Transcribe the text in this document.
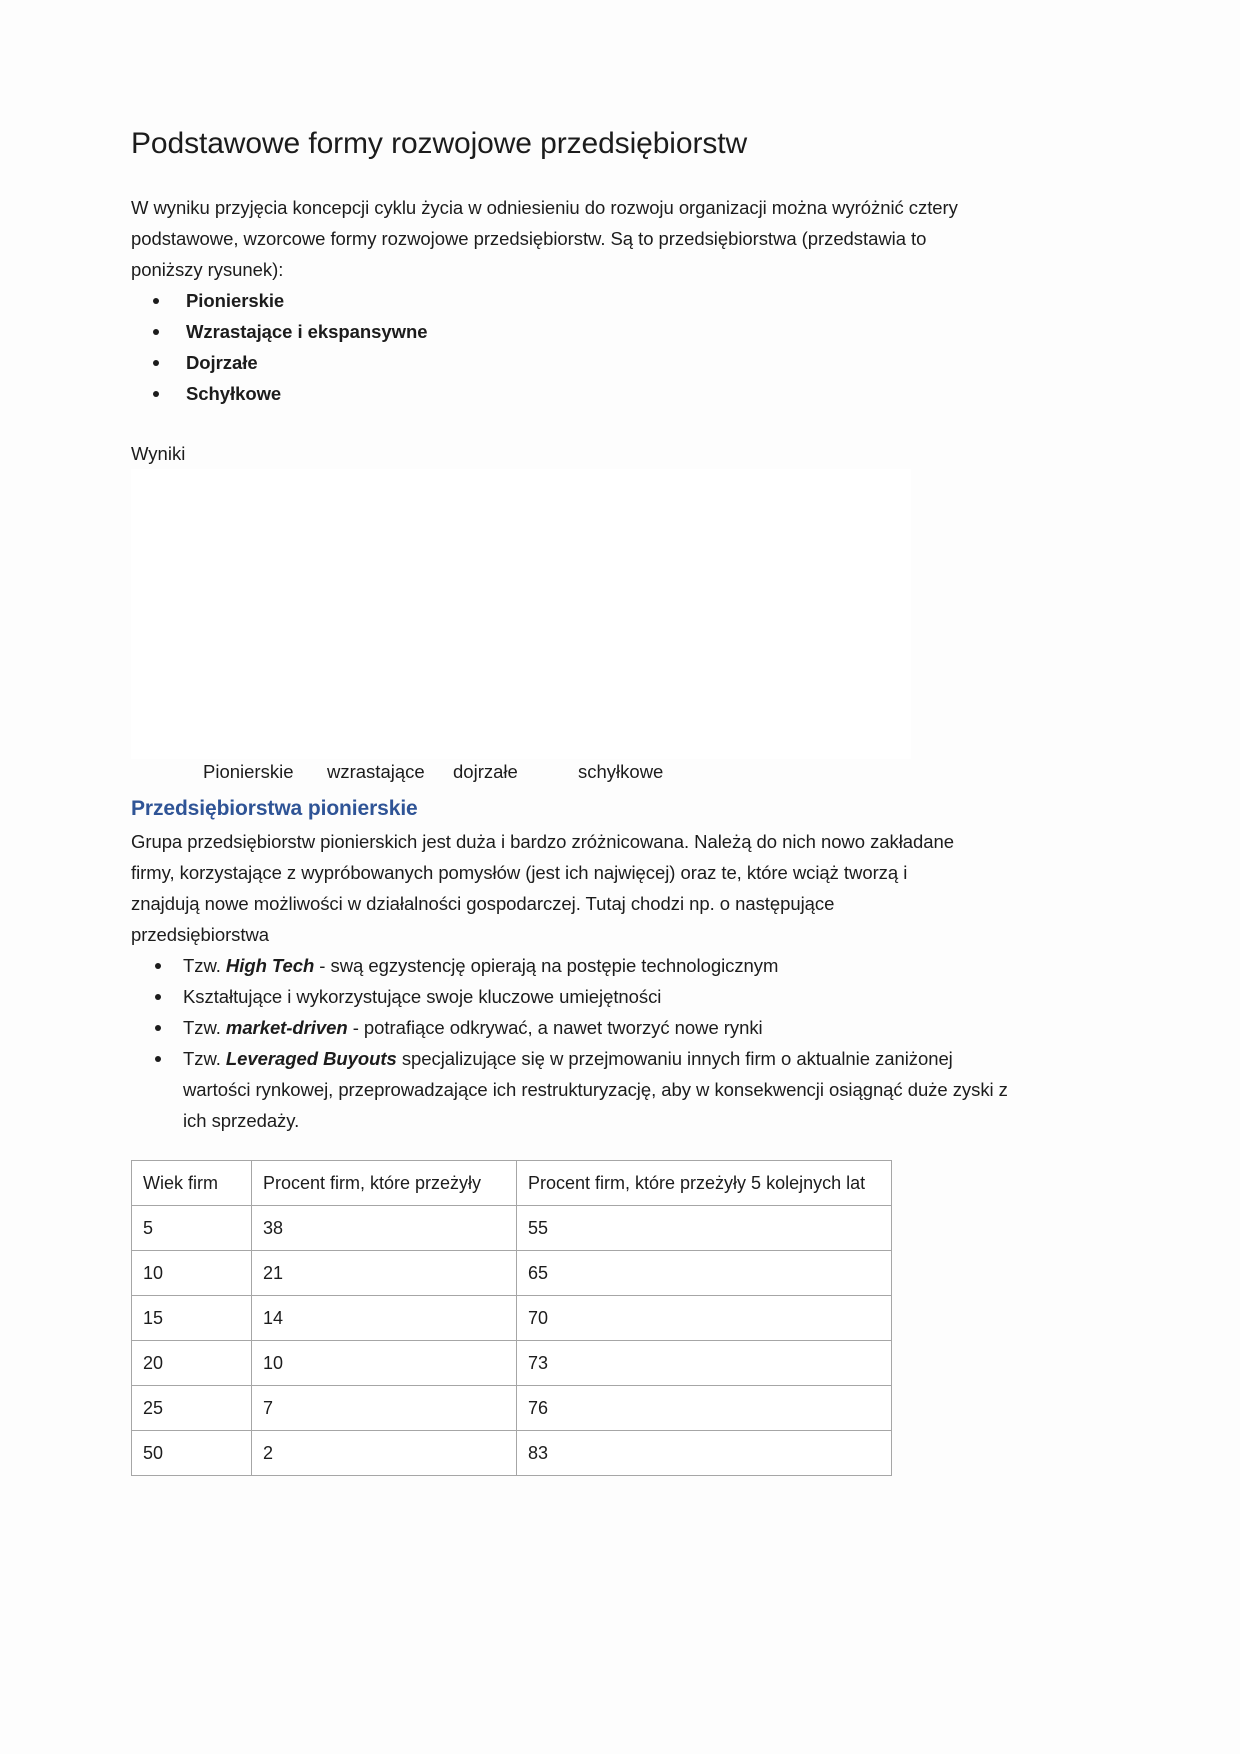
Podstawowe formy rozwojowe przedsiębiorstw

W wyniku przyjęcia koncepcji cyklu życia w odniesieniu do rozwoju organizacji można wyróżnić cztery podstawowe, wzorcowe formy rozwojowe przedsiębiorstw. Są to przedsiębiorstwa (przedstawia to poniższy rysunek):

Pionierskie
Wzrastające i ekspansywne
Dojrzałe
Schyłkowe
Wyniki
Pionierskie wzrastające dojrzałe	schyłkowe
Przedsiębiorstwa pionierskie

Grupa przedsiębiorstw pionierskich jest duża i bardzo zróżnicowana. Należą do nich nowo zakładane firmy, korzystające z wypróbowanych pomysłów (jest ich najwięcej) oraz te, które wciąż tworzą i znajdują nowe możliwości w działalności gospodarczej. Tutaj chodzi np. o następujące przedsiębiorstwa

Tzw. High Tech - swą egzystencję opierają na postępie technologicznym
Kształtujące i wykorzystujące swoje kluczowe umiejętności
Tzw. market-driven - potrafiące odkrywać, a nawet tworzyć nowe rynki
Tzw. Leveraged Buyouts specjalizujące się w przejmowaniu innych firm o aktualnie zaniżonej wartości rynkowej, przeprowadzające ich restrukturyzację, aby w konsekwencji osiągnąć duże zyski z ich sprzedaży.
Wiek firm	Procent firm, które przeżyły	Procent firm, które przeżyły 5 kolejnych lat
5	38	55
10	21	65
15	14	70
20	10	73
25	7	76
50	2	83
